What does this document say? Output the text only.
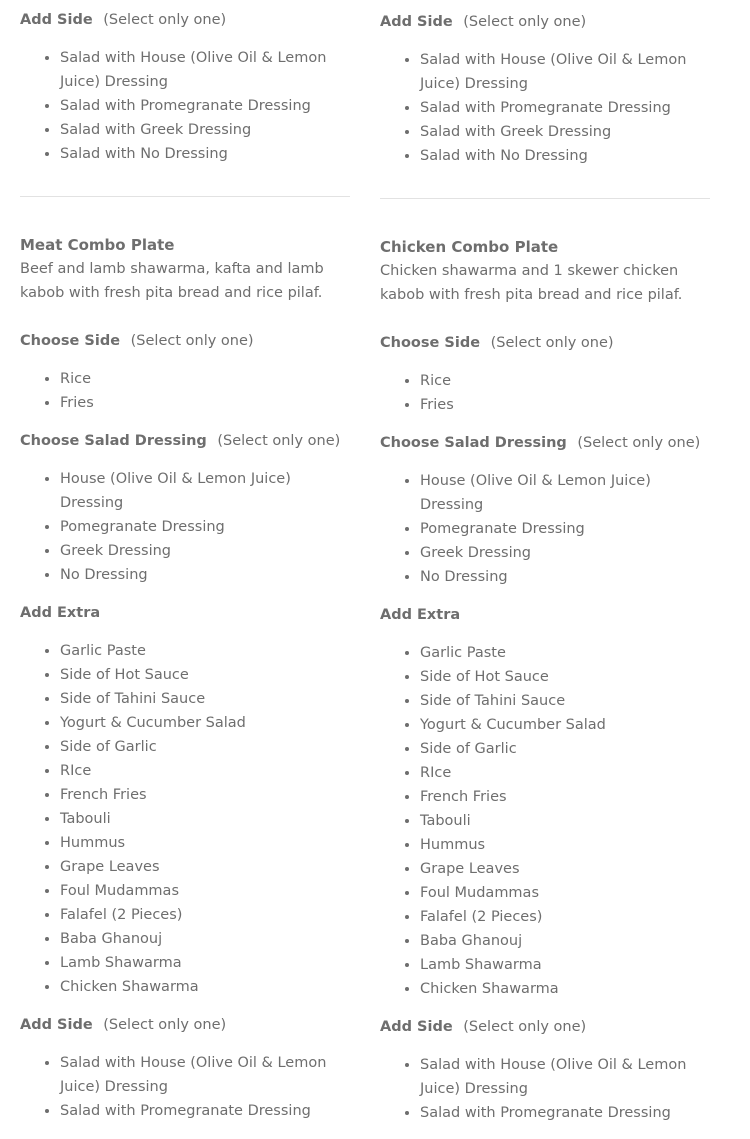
Add Side (Select only one)

• Salad with House (Olive Oil & Lemon Juice) Dressing
• Salad with Promegranate Dressing
• Salad with Greek Dressing
• Salad with No Dressing

Meat Combo Plate

Beef and lamb shawarma, kafta and lamb kabob with fresh pita bread and rice pilaf.

Choose Side (Select only one)

• Rice
• Fries

Choose Salad Dressing (Select only one)

• House (Olive Oil & Lemon Juice) Dressing
• Pomegranate Dressing
• Greek Dressing
• No Dressing

Add Extra

• Garlic Paste
• Side of Hot Sauce
• Side of Tahini Sauce
• Yogurt & Cucumber Salad
• Side of Garlic
• RIce
• French Fries
• Tabouli
• Hummus
• Grape Leaves
• Foul Mudammas
• Falafel (2 Pieces)
• Baba Ghanouj
• Lamb Shawarma
• Chicken Shawarma

Add Side (Select only one)

• Salad with House (Olive Oil & Lemon Juice) Dressing
• Salad with Promegranate Dressing

Add Side (Select only one)

• Salad with House (Olive Oil & Lemon Juice) Dressing
• Salad with Promegranate Dressing
• Salad with Greek Dressing
• Salad with No Dressing

Chicken Combo Plate

Chicken shawarma and 1 skewer chicken kabob with fresh pita bread and rice pilaf.

Choose Side (Select only one)

• Rice
• Fries

Choose Salad Dressing (Select only one)

• House (Olive Oil & Lemon Juice) Dressing
• Pomegranate Dressing
• Greek Dressing
• No Dressing

Add Extra

• Garlic Paste
• Side of Hot Sauce
• Side of Tahini Sauce
• Yogurt & Cucumber Salad
• Side of Garlic
• RIce
• French Fries
• Tabouli
• Hummus
• Grape Leaves
• Foul Mudammas
• Falafel (2 Pieces)
• Baba Ghanouj
• Lamb Shawarma
• Chicken Shawarma

Add Side (Select only one)

• Salad with House (Olive Oil & Lemon Juice) Dressing
• Salad with Promegranate Dressing
